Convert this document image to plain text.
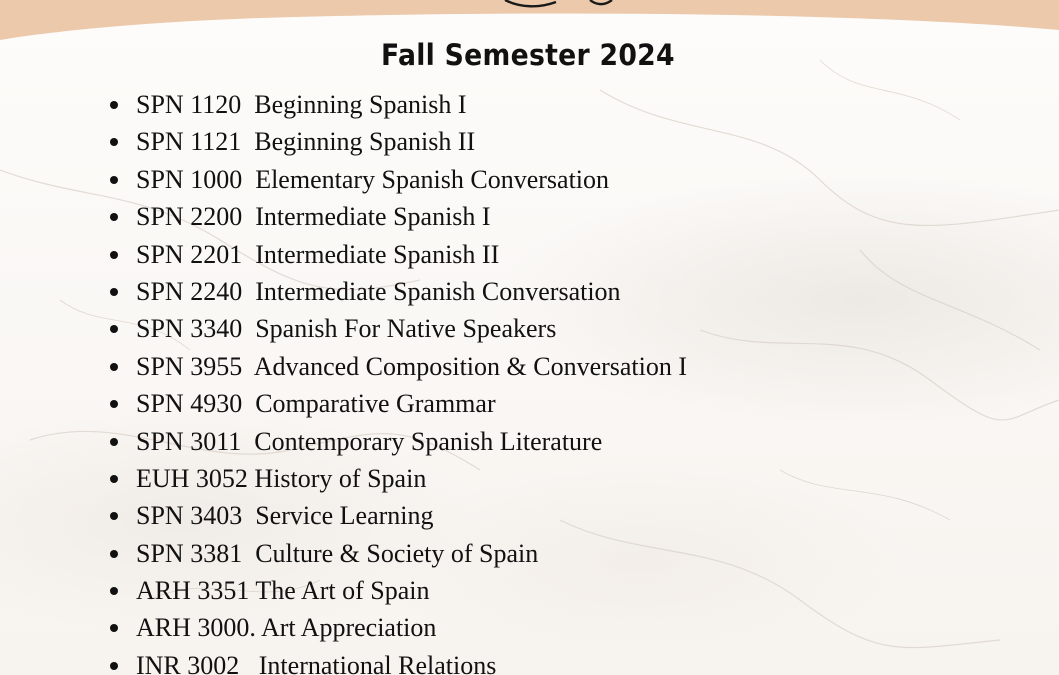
Fall Semester 2024
SPN 1120  Beginning Spanish I
SPN 1121  Beginning Spanish II
SPN 1000  Elementary Spanish Conversation
SPN 2200  Intermediate Spanish I
SPN 2201  Intermediate Spanish II
SPN 2240  Intermediate Spanish Conversation
SPN 3340  Spanish For Native Speakers
SPN 3955  Advanced Composition & Conversation I
SPN 4930  Comparative Grammar
SPN 3011  Contemporary Spanish Literature
EUH 3052 History of Spain
SPN 3403  Service Learning
SPN 3381  Culture & Society of Spain
ARH 3351 The Art of Spain
ARH 3000. Art Appreciation
INR 3002   International Relations
